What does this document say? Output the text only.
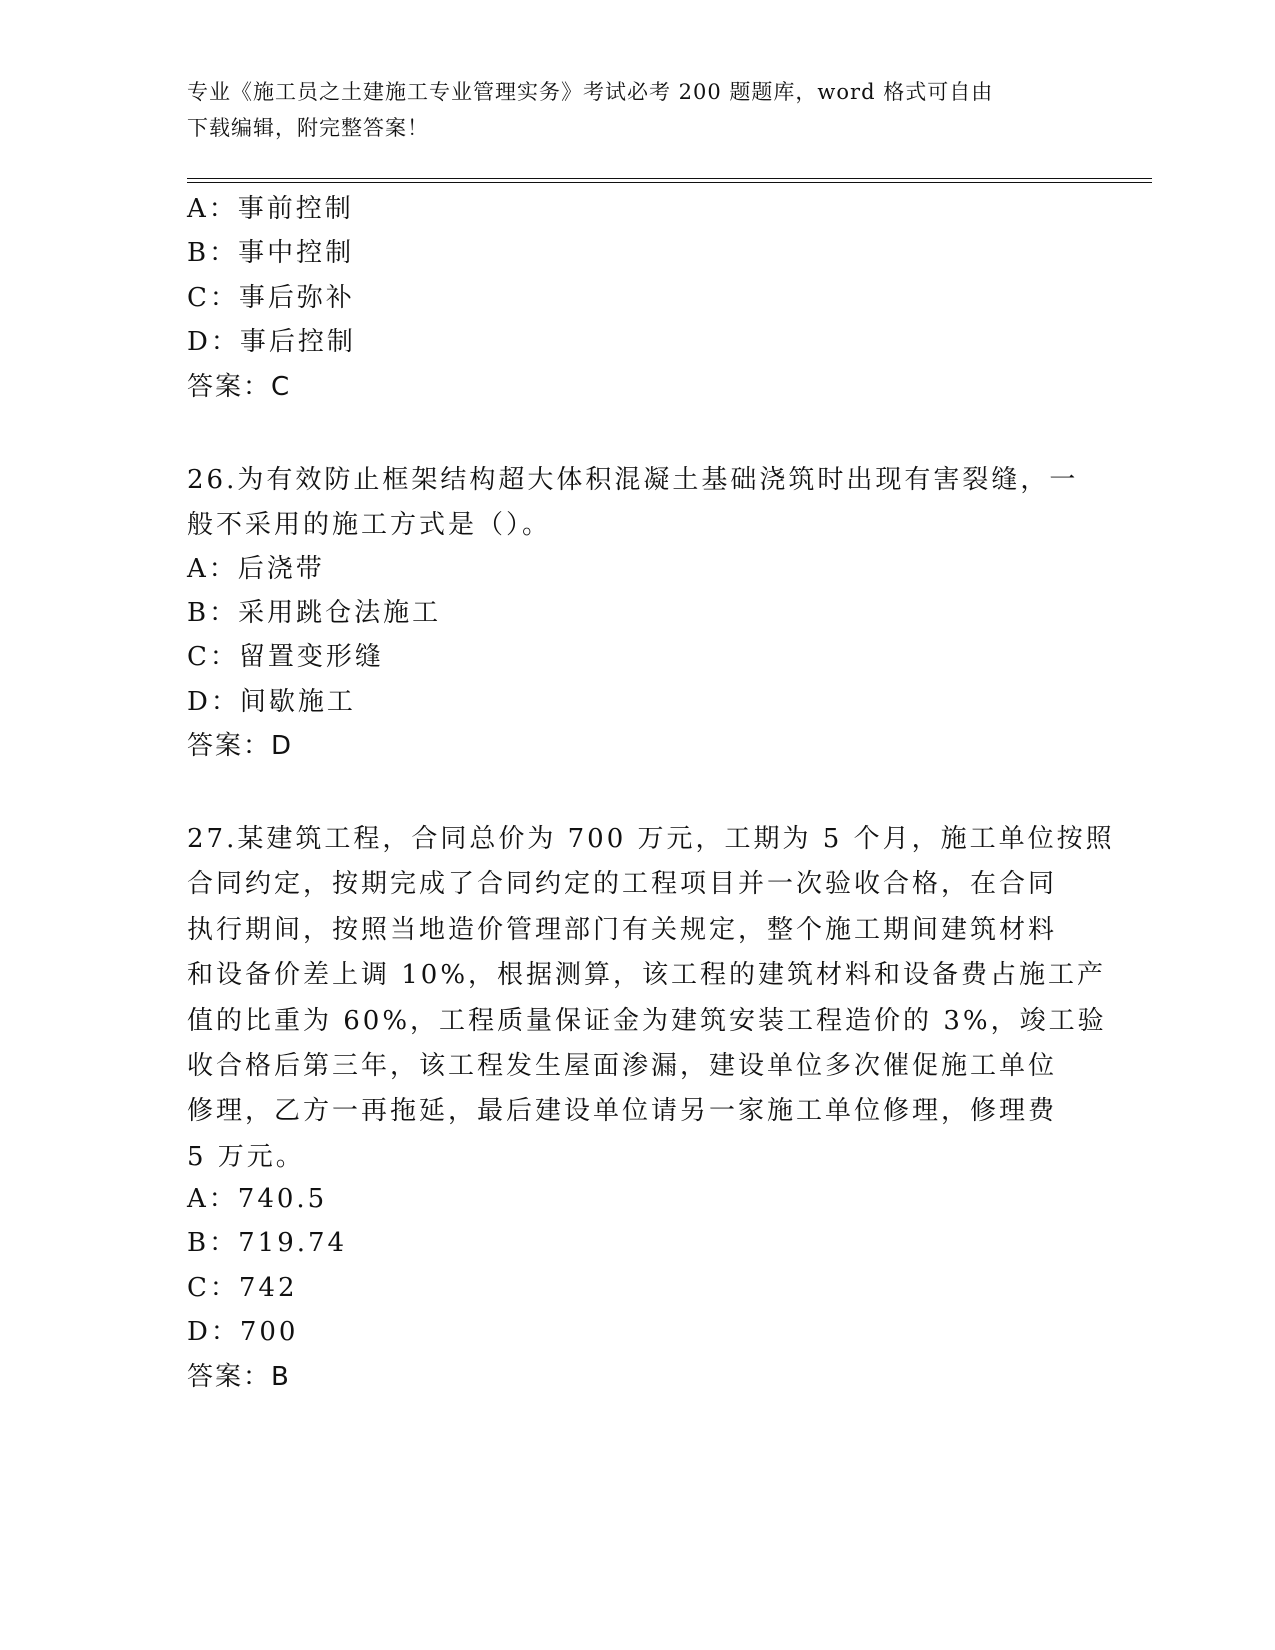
专业《施工员之土建施工专业管理实务》考试必考 200 题题库，word 格式可自由
下载编辑，附完整答案！
A：事前控制
B：事中控制
C：事后弥补
D：事后控制
答案：C
26.为有效防止框架结构超大体积混凝土基础浇筑时出现有害裂缝，一
般不采用的施工方式是（）。
A：后浇带
B：采用跳仓法施工
C：留置变形缝
D：间歇施工
答案：D
27.某建筑工程，合同总价为 700 万元，工期为 5 个月，施工单位按照
合同约定，按期完成了合同约定的工程项目并一次验收合格，在合同
执行期间，按照当地造价管理部门有关规定，整个施工期间建筑材料
和设备价差上调 10%，根据测算，该工程的建筑材料和设备费占施工产
值的比重为 60%，工程质量保证金为建筑安装工程造价的 3%，竣工验
收合格后第三年，该工程发生屋面渗漏，建设单位多次催促施工单位
修理，乙方一再拖延，最后建设单位请另一家施工单位修理，修理费
5 万元。
A：740.5
B：719.74
C：742
D：700
答案：B
